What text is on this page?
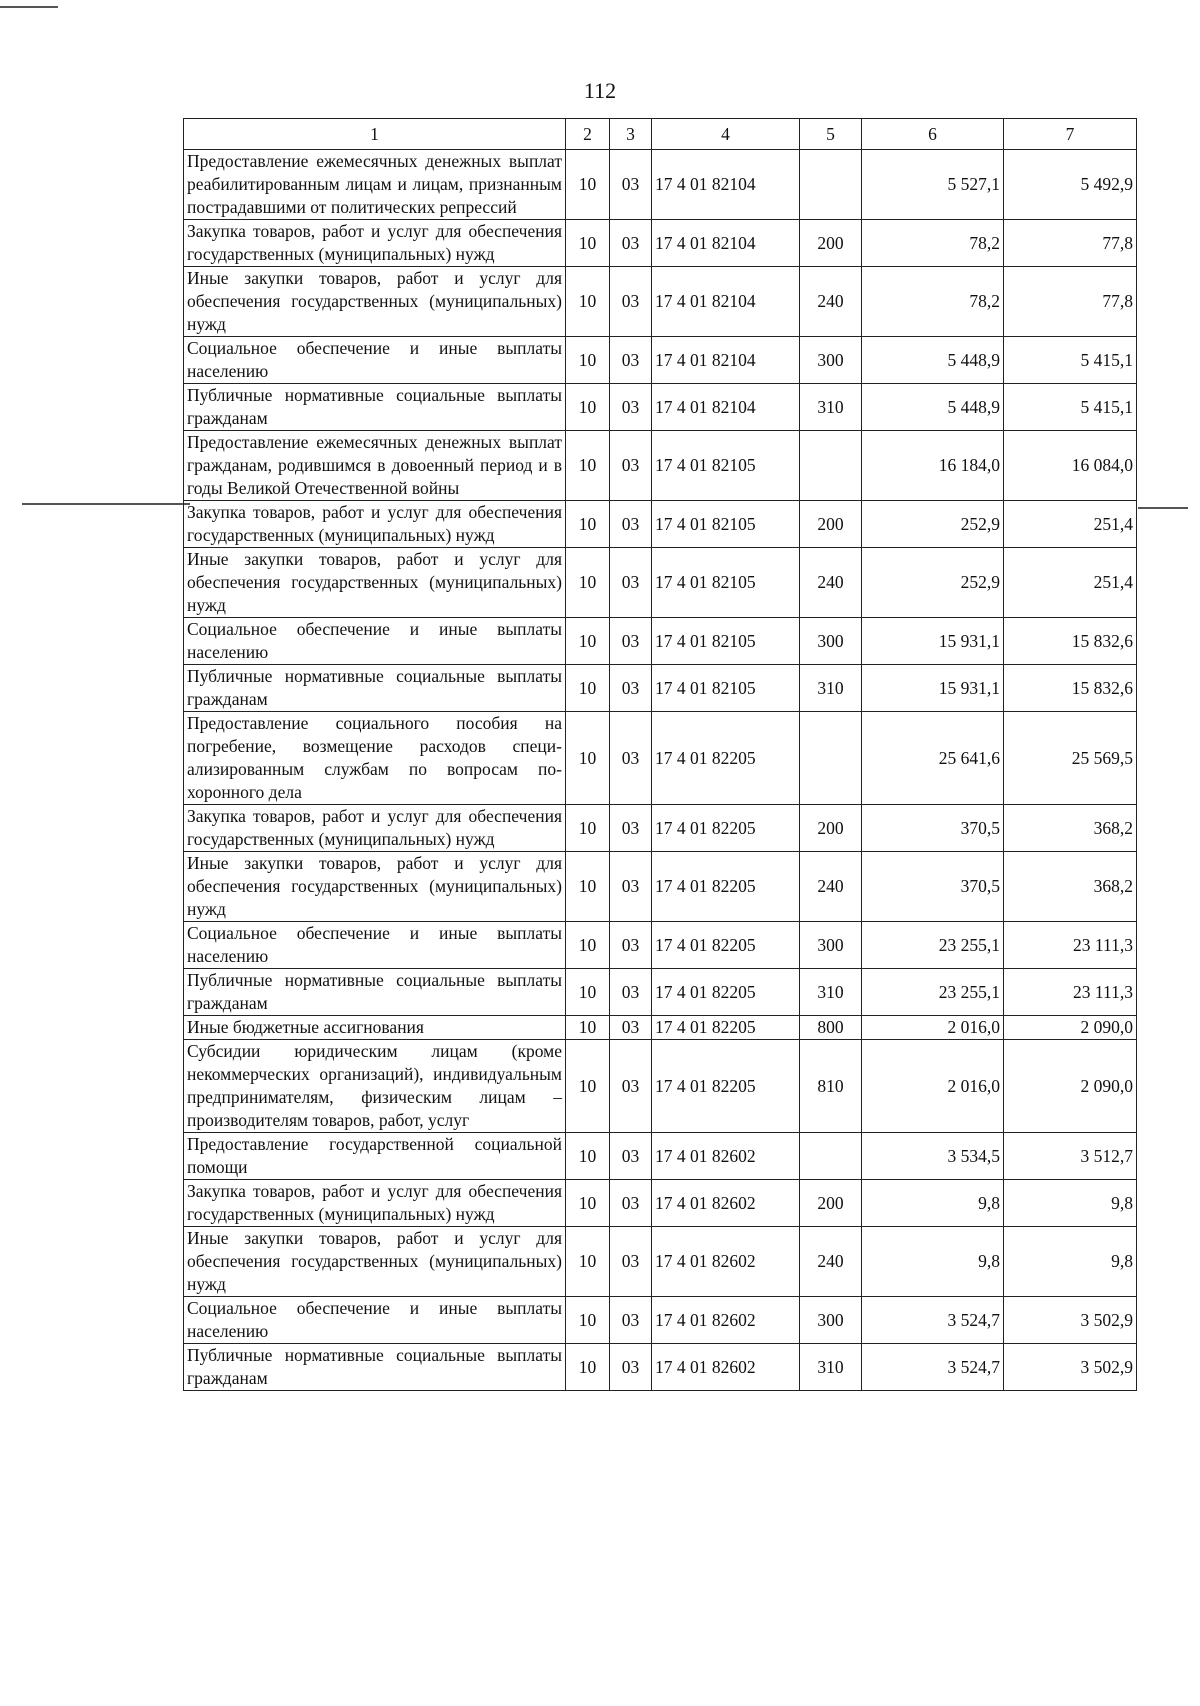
112
1	2	3	4	5	6	7
Предоставление ежемесячных денежных выплат реабилитированным лицам и лицам, признанным пострадавшими от политических репрессий	10	03	17 4 01 82104		5 527,1	5 492,9
Закупка товаров, работ и услуг для обеспечения государственных (муниципальных) нужд	10	03	17 4 01 82104	200	78,2	77,8
Иные закупки товаров, работ и услуг для обеспечения государственных (муниципальных) нужд	10	03	17 4 01 82104	240	78,2	77,8
Социальное обеспечение и иные выплаты населению	10	03	17 4 01 82104	300	5 448,9	5 415,1
Публичные нормативные социальные выплаты гражданам	10	03	17 4 01 82104	310	5 448,9	5 415,1
Предоставление ежемесячных денежных выплат гражданам, родившимся в довоенный период и в годы Великой Отечественной войны	10	03	17 4 01 82105		16 184,0	16 084,0
Закупка товаров, работ и услуг для обеспечения государственных (муниципальных) нужд	10	03	17 4 01 82105	200	252,9	251,4
Иные закупки товаров, работ и услуг для обеспечения государственных (муниципальных) нужд	10	03	17 4 01 82105	240	252,9	251,4
Социальное обеспечение и иные выплаты населению	10	03	17 4 01 82105	300	15 931,1	15 832,6
Публичные нормативные социальные выплаты гражданам	10	03	17 4 01 82105	310	15 931,1	15 832,6
Предоставление социального пособия на погребение, возмещение расходов специализированным службам по вопросам похоронного дела	10	03	17 4 01 82205		25 641,6	25 569,5
Закупка товаров, работ и услуг для обеспечения государственных (муниципальных) нужд	10	03	17 4 01 82205	200	370,5	368,2
Иные закупки товаров, работ и услуг для обеспечения государственных (муниципальных) нужд	10	03	17 4 01 82205	240	370,5	368,2
Социальное обеспечение и иные выплаты населению	10	03	17 4 01 82205	300	23 255,1	23 111,3
Публичные нормативные социальные выплаты гражданам	10	03	17 4 01 82205	310	23 255,1	23 111,3
Иные бюджетные ассигнования	10	03	17 4 01 82205	800	2 016,0	2 090,0
Субсидии юридическим лицам (кроме некоммерческих организаций), индивидуальным предпринимателям, физическим лицам – производителям товаров, работ, услуг	10	03	17 4 01 82205	810	2 016,0	2 090,0
Предоставление государственной социальной помощи	10	03	17 4 01 82602		3 534,5	3 512,7
Закупка товаров, работ и услуг для обеспечения государственных (муниципальных) нужд	10	03	17 4 01 82602	200	9,8	9,8
Иные закупки товаров, работ и услуг для обеспечения государственных (муниципальных) нужд	10	03	17 4 01 82602	240	9,8	9,8
Социальное обеспечение и иные выплаты населению	10	03	17 4 01 82602	300	3 524,7	3 502,9
Публичные нормативные социальные выплаты гражданам	10	03	17 4 01 82602	310	3 524,7	3 502,9
